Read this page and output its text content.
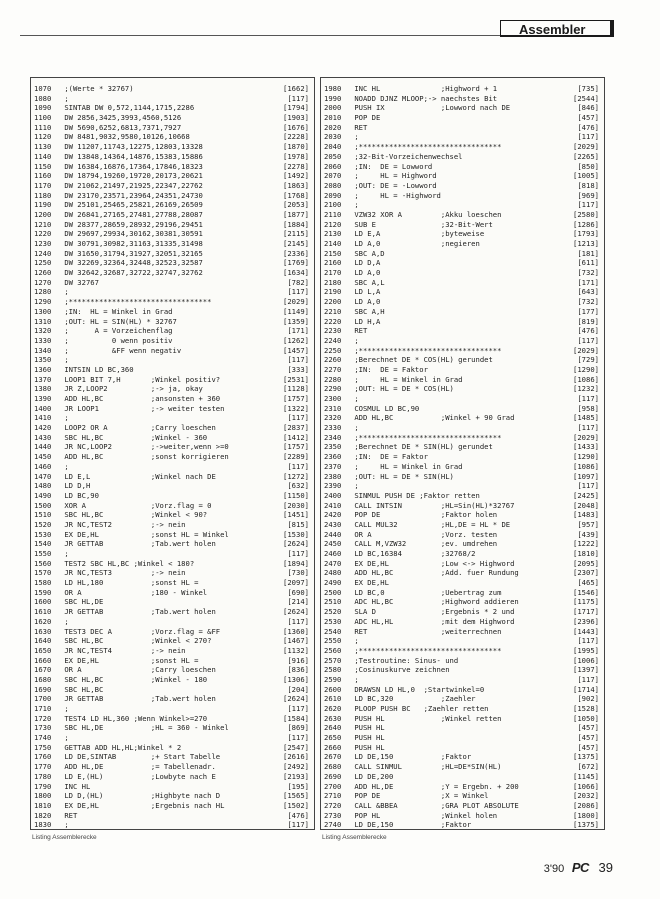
Assembler
1070 ;(Werte * 32767)	[1662]
1080 ;	[117]
1090 SINTAB DW 0,572,1144,1715,2286	[1794]
1100 DW 2856,3425,3993,4560,5126	[1903]
1110 DW 5690,6252,6813,7371,7927	[1676]
1120 DW 8481,9032,9580,10126,10668	[2228]
1130 DW 11207,11743,12275,12803,13328	[1870]
1140 DW 13848,14364,14876,15383,15886	[1978]
1150 DW 16384,16876,17364,17846,18323	[2278]
1160 DW 18794,19260,19720,20173,20621	[1492]
1170 DW 21062,21497,21925,22347,22762	[1863]
1180 DW 23170,23571,23964,24351,24730	[1768]
1190 DW 25101,25465,25821,26169,26509	[2053]
1200 DW 26841,27165,27481,27788,28087	[1877]
1210 DW 28377,28659,28932,29196,29451	[1884]
1220 DW 29697,29934,30162,30381,30591	[2115]
1230 DW 30791,30982,31163,31335,31498	[2145]
1240 DW 31650,31794,31927,32051,32165	[2336]
1250 DW 32269,32364,32448,32523,32587	[1769]
1260 DW 32642,32687,32722,32747,32762	[1634]
1270 DW 32767	[782]
1280 ;	[117]
1290 ;*********************************	[2029]
1300 ;IN:  HL = Winkel in Grad	[1149]
1310 ;OUT: HL = SIN(HL) * 32767	[1359]
1320 ;      A = Vorzeichenflag	[171]
1330 ;          0 wenn positiv	[1262]
1340 ;          &FF wenn negativ	[1457]
1350 ;	[117]
1360 INTSIN LD BC,360	[333]
1370 LOOP1 BIT 7,H       ;Winkel positiv?	[2531]
1380 JR Z,LOOP2          ;-> ja, okay	[1128]
1390 ADD HL,BC           ;ansonsten + 360	[1757]
1400 JR LOOP1            ;-> weiter testen	[1322]
1410 ;	[117]
1420 LOOP2 OR A          ;Carry loeschen	[2837]
1430 SBC HL,BC           ;Winkel - 360	[1412]
1440 JR NC,LOOP2         ;->weiter,wenn >=0	[1757]
1450 ADD HL,BC           ;sonst korrigieren	[2289]
1460 ;	[117]
1470 LD E,L              ;Winkel nach DE	[1272]
1480 LD D,H	[632]
1490 LD BC,90	[1150]
1500 XOR A               ;Vorz.flag = 0	[2030]
1510 SBC HL,BC           ;Winkel < 90?	[1451]
1520 JR NC,TEST2         ;-> nein	[815]
1530 EX DE,HL            ;sonst HL = Winkel	[1530]
1540 JR GETTAB           ;Tab.wert holen	[2624]
1550 ;	[117]
1560 TEST2 SBC HL,BC ;Winkel < 180?	[1894]
1570 JR NC,TEST3         ;-> nein	[730]
1580 LD HL,180           ;sonst HL =	[2097]
1590 OR A                ;180 - Winkel	[690]
1600 SBC HL,DE	[214]
1610 JR GETTAB           ;Tab.wert holen	[2624]
1620 ;	[117]
1630 TEST3 DEC A         ;Vorz.flag = &FF	[1360]
1640 SBC HL,BC           ;Winkel < 270?	[1467]
1650 JR NC,TEST4         ;-> nein	[1132]
1660 EX DE,HL            ;sonst HL =	[916]
1670 OR A                ;Carry loeschen	[836]
1680 SBC HL,BC           ;Winkel - 180	[1306]
1690 SBC HL,BC	[204]
1700 JR GETTAB           ;Tab.wert holen	[2624]
1710 ;	[117]
1720 TEST4 LD HL,360 ;Wenn Winkel>=270	[1584]
1730 SBC HL,DE           ;HL = 360 - Winkel	[869]
1740 ;	[117]
1750 GETTAB ADD HL,HL;Winkel * 2	[2547]
1760 LD DE,SINTAB        ;+ Start Tabelle	[2616]
1770 ADD HL,DE           ;= Tabellenadr.	[2492]
1780 LD E,(HL)           ;Lowbyte nach E	[2193]
1790 INC HL	[195]
1800 LD D,(HL)           ;Highbyte nach D	[1565]
1810 EX DE,HL            ;Ergebnis nach HL	[1502]
1820 RET	[476]
1830 ;	[117]
1980 INC HL              ;Highword + 1	[735]
1990 NOADD DJNZ MLOOP;-> naechstes Bit	[2544]
2000 PUSH IX             ;Lowword nach DE	[846]
2010 POP DE	[457]
2020 RET	[476]
2030 ;	[117]
2040 ;*********************************	[2029]
2050 ;32-Bit-Vorzeichenwechsel	[2265]
2060 ;IN:  DE = Lowword	[850]
2070 ;     HL = Highword	[1005]
2080 ;OUT: DE = -Lowword	[818]
2090 ;     HL = -Highword	[969]
2100 ;	[117]
2110 VZW32 XOR A         ;Akku loeschen	[2580]
2120 SUB E               ;32-Bit-Wert	[1286]
2130 LD E,A              ;byteweise	[1793]
2140 LD A,0              ;negieren	[1213]
2150 SBC A,D	[181]
2160 LD D,A	[611]
2170 LD A,0	[732]
2180 SBC A,L	[171]
2190 LD L,A	[643]
2200 LD A,0	[732]
2210 SBC A,H	[177]
2220 LD H,A	[819]
2230 RET	[476]
2240 ;	[117]
2250 ;*********************************	[2029]
2260 ;Berechnet DE * COS(HL) gerundet	[729]
2270 ;IN:  DE = Faktor	[1290]
2280 ;     HL = Winkel in Grad	[1086]
2290 ;OUT: HL = DE * COS(HL)	[1232]
2300 ;	[117]
2310 COSMUL LD BC,90	[958]
2320 ADD HL,BC           ;Winkel + 90 Grad	[1485]
2330 ;	[117]
2340 ;*********************************	[2029]
2350 ;Berechnet DE * SIN(HL) gerundet	[1433]
2360 ;IN:  DE = Faktor	[1290]
2370 ;     HL = Winkel in Grad	[1086]
2380 ;OUT: HL = DE * SIN(HL)	[1097]
2390 ;	[117]
2400 SINMUL PUSH DE ;Faktor retten	[2425]
2410 CALL INTSIN         ;HL=Sin(HL)*32767	[2048]
2420 POP DE              ;Faktor holen	[1483]
2430 CALL MUL32          ;HL,DE = HL * DE	[957]
2440 OR A                ;Vorz. testen	[439]
2450 CALL M,VZW32        ;ev. umdrehen	[1222]
2460 LD BC,16384         ;32768/2	[1810]
2470 EX DE,HL            ;Low <-> Highword	[2095]
2480 ADD HL,BC           ;Add. fuer Rundung	[2307]
2490 EX DE,HL	[465]
2500 LD BC,0             ;Uebertrag zum	[1546]
2510 ADC HL,BC           ;Highword addieren	[1175]
2520 SLA D               ;Ergebnis * 2 und	[1717]
2530 ADC HL,HL           ;mit dem Highword	[2396]
2540 RET                 ;weiterrechnen	[1443]
2550 ;	[117]
2560 ;*********************************	[1995]
2570 ;Testroutine: Sinus- und	[1006]
2580 ;Cosinuskurve zeichnen	[1397]
2590 ;	[117]
2600 DRAWSN LD HL,0  ;Startwinkel=0	[1714]
2610 LD BC,320           ;Zaehler	[902]
2620 PLOOP PUSH BC   ;Zaehler retten	[1528]
2630 PUSH HL             ;Winkel retten	[1050]
2640 PUSH HL	[457]
2650 PUSH HL	[457]
2660 PUSH HL	[457]
2670 LD DE,150           ;Faktor	[1375]
2680 CALL SINMUL         ;HL=DE*SIN(HL)	[672]
2690 LD DE,200	[1145]
2700 ADD HL,DE           ;Y = Ergebn. + 200	[1066]
2710 POP DE              ;X = Winkel	[2032]
2720 CALL &BBEA          ;GRA PLOT ABSOLUTE	[2086]
2730 POP HL              ;Winkel holen	[1800]
2740 LD DE,150           ;Faktor	[1375]
Listing Assemblerecke	Listing Assemblerecke
3'90 PC 39
